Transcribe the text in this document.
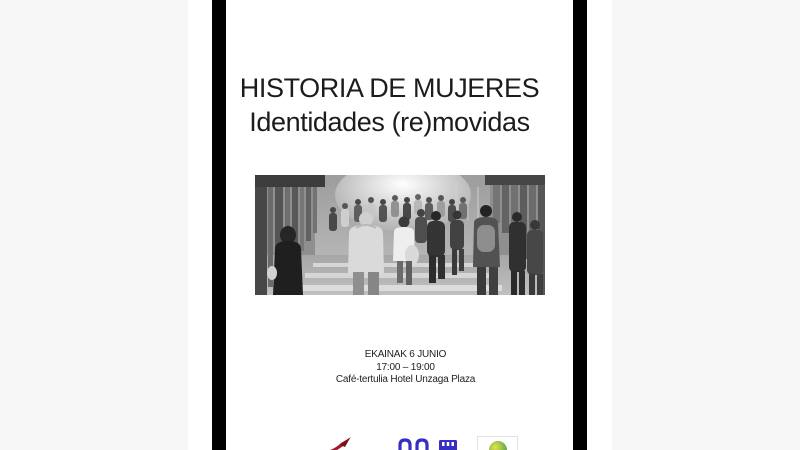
HISTORIA DE MUJERES
Identidades (re)movidas
EKAINAK 6 JUNIO
17:00 – 19:00
Café-tertulia Hotel Unzaga Plaza
